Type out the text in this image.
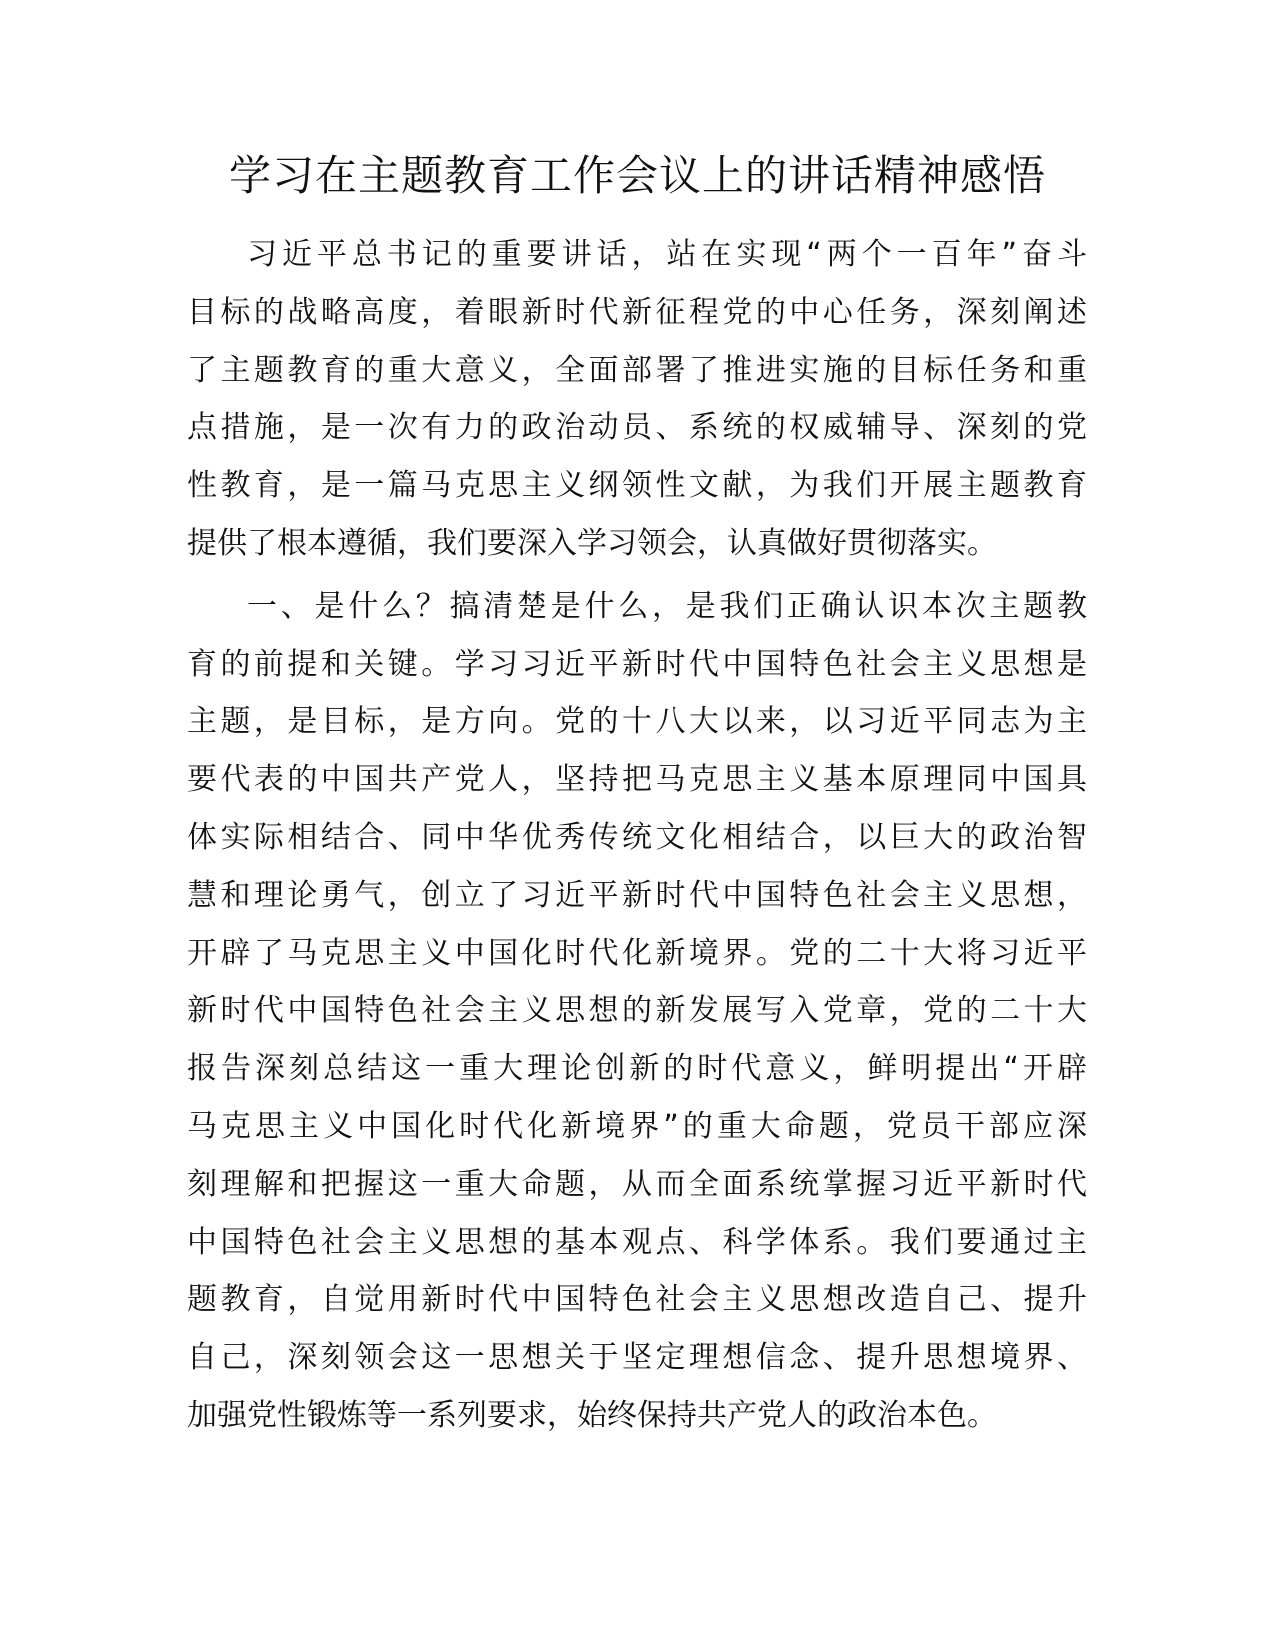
学习在主题教育工作会议上的讲话精神感悟

习近平总书记的重要讲话，站在实现“两个一百年”奋斗
目标的战略高度，着眼新时代新征程党的中心任务，深刻阐述
了主题教育的重大意义，全面部署了推进实施的目标任务和重
点措施，是一次有力的政治动员、系统的权威辅导、深刻的党
性教育，是一篇马克思主义纲领性文献，为我们开展主题教育
提供了根本遵循，我们要深入学习领会，认真做好贯彻落实。

一、是什么？搞清楚是什么，是我们正确认识本次主题教
育的前提和关键。学习习近平新时代中国特色社会主义思想是
主题，是目标，是方向。党的十八大以来，以习近平同志为主
要代表的中国共产党人，坚持把马克思主义基本原理同中国具
体实际相结合、同中华优秀传统文化相结合，以巨大的政治智
慧和理论勇气，创立了习近平新时代中国特色社会主义思想，
开辟了马克思主义中国化时代化新境界。党的二十大将习近平
新时代中国特色社会主义思想的新发展写入党章，党的二十大
报告深刻总结这一重大理论创新的时代意义，鲜明提出“开辟
马克思主义中国化时代化新境界”的重大命题，党员干部应深
刻理解和把握这一重大命题，从而全面系统掌握习近平新时代
中国特色社会主义思想的基本观点、科学体系。我们要通过主
题教育，自觉用新时代中国特色社会主义思想改造自己、提升
自己，深刻领会这一思想关于坚定理想信念、提升思想境界、
加强党性锻炼等一系列要求，始终保持共产党人的政治本色。
